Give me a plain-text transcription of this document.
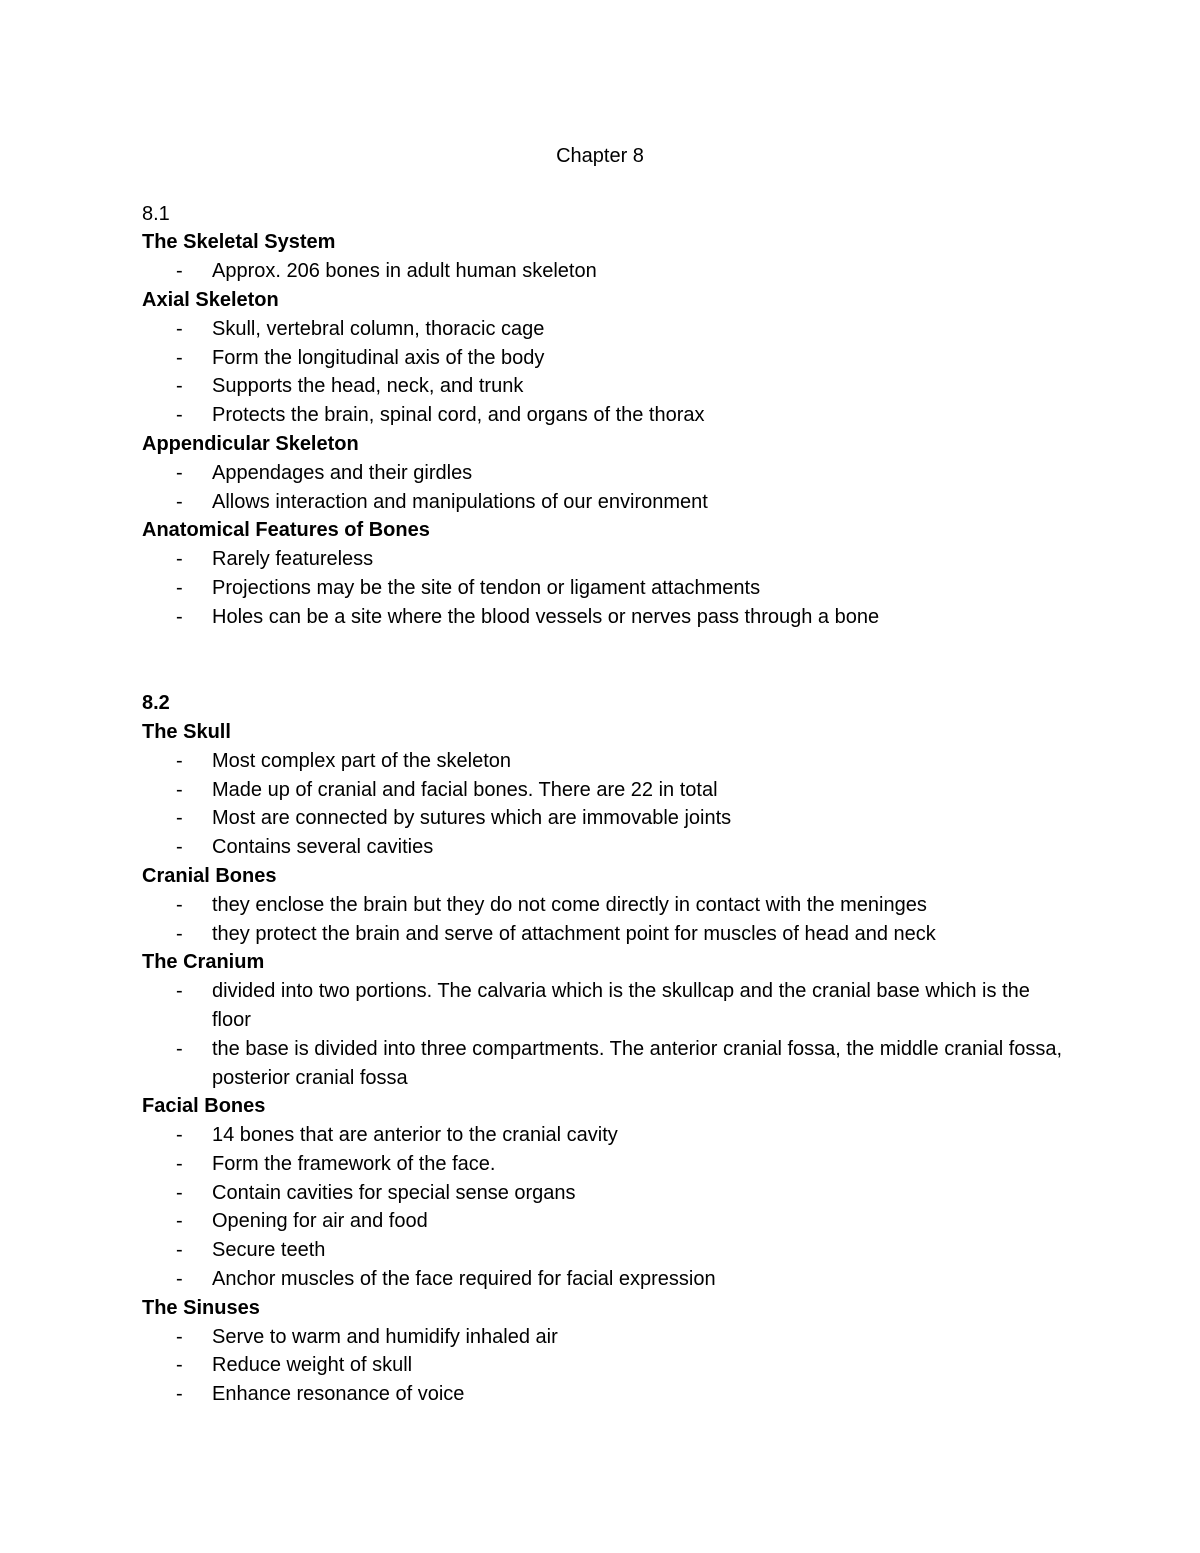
Chapter 8
8.1
The Skeletal System
- Approx. 206 bones in adult human skeleton
Axial Skeleton
- Skull, vertebral column, thoracic cage
- Form the longitudinal axis of the body
- Supports the head, neck, and trunk
- Protects the brain, spinal cord, and organs of the thorax
Appendicular Skeleton
- Appendages and their girdles
- Allows interaction and manipulations of our environment
Anatomical Features of Bones
- Rarely featureless
- Projections may be the site of tendon or ligament attachments
- Holes can be a site where the blood vessels or nerves pass through a bone
8.2
The Skull
- Most complex part of the skeleton
- Made up of cranial and facial bones. There are 22 in total
- Most are connected by sutures which are immovable joints
- Contains several cavities
Cranial Bones
- they enclose the brain but they do not come directly in contact with the meninges
- they protect the brain and serve of attachment point for muscles of head and neck
The Cranium
- divided into two portions. The calvaria which is the skullcap and the cranial base which is the floor
- the base is divided into three compartments. The anterior cranial fossa, the middle cranial fossa, posterior cranial fossa
Facial Bones
- 14 bones that are anterior to the cranial cavity
- Form the framework of the face.
- Contain cavities for special sense organs
- Opening for air and food
- Secure teeth
- Anchor muscles of the face required for facial expression
The Sinuses
- Serve to warm and humidify inhaled air
- Reduce weight of skull
- Enhance resonance of voice
